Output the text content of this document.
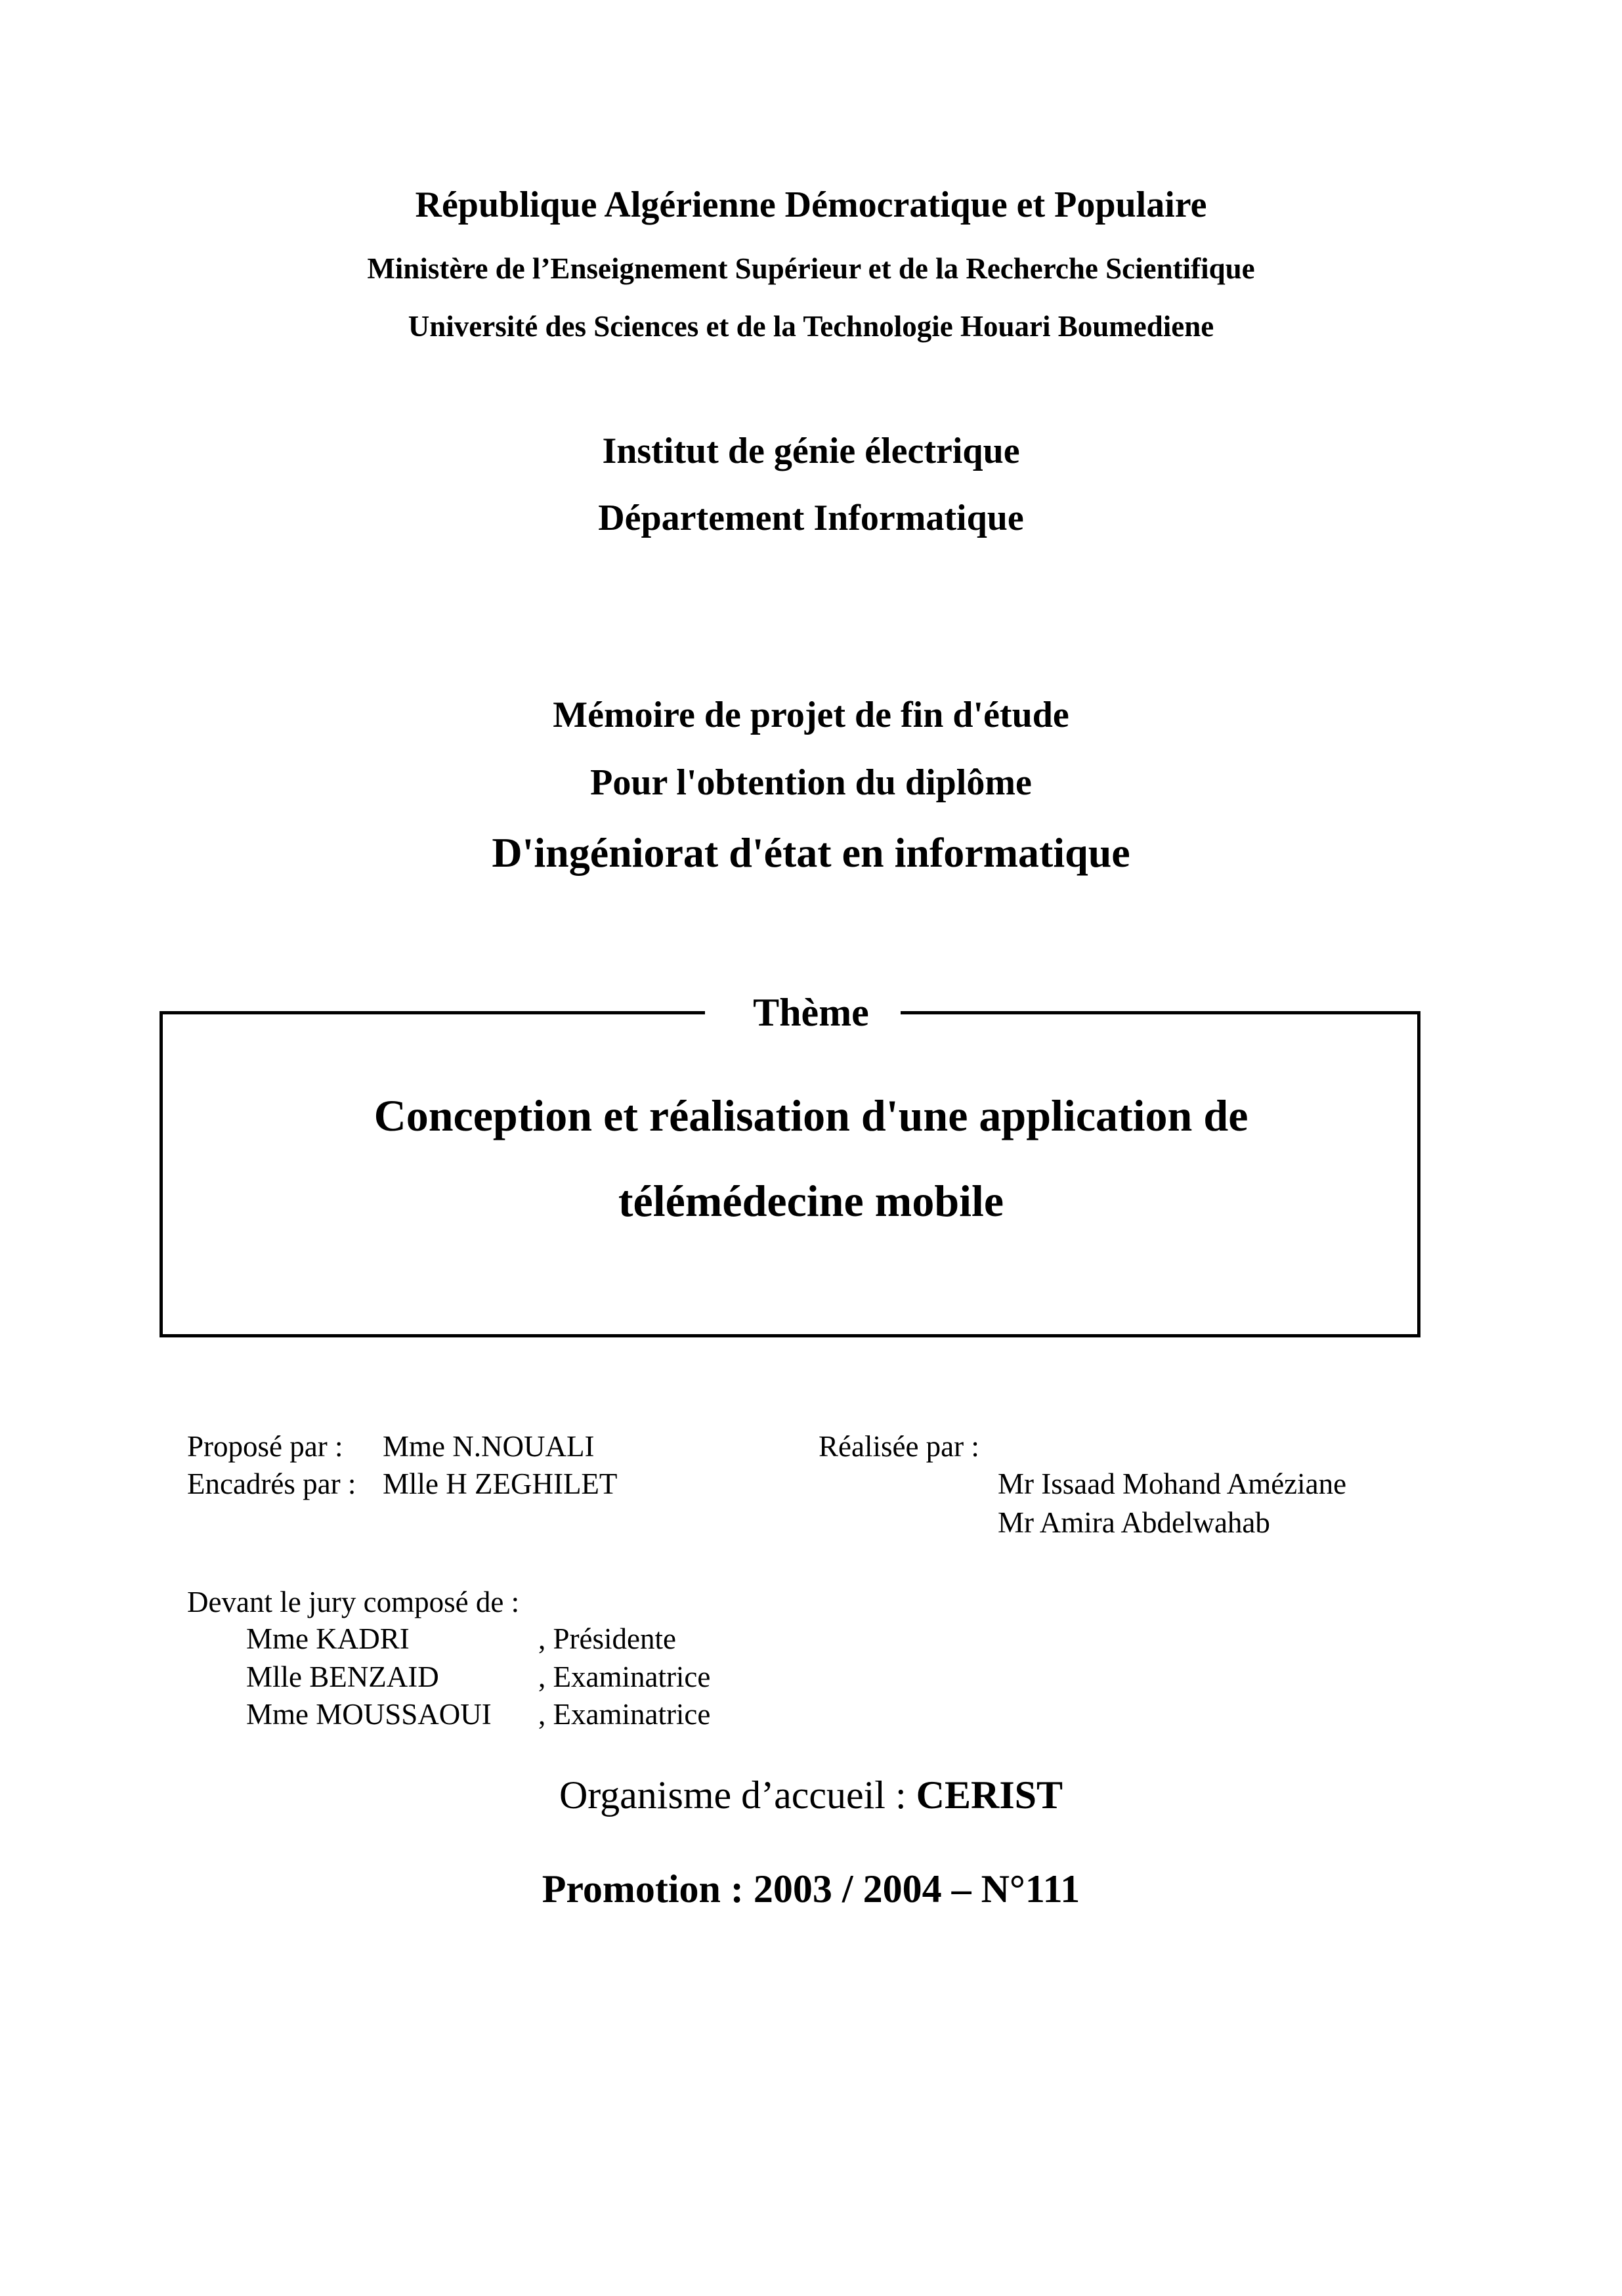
République Algérienne Démocratique et Populaire
Ministère de l’Enseignement Supérieur et de la Recherche Scientifique
Université des Sciences et de la Technologie Houari Boumediene
Institut de génie électrique
Département Informatique
Mémoire de projet de fin d'étude
Pour l'obtention du diplôme
D'ingéniorat d'état en informatique
Thème
Conception et réalisation d'une application de
télémédecine mobile
Proposé par : Mme N.NOUALI
Encadrés par : Mlle H ZEGHILET
Réalisée par :
Mr Issaad Mohand Améziane
Mr Amira Abdelwahab
Devant le jury composé de :
Mme KADRI	, Présidente
Mlle BENZAID	, Examinatrice
Mme MOUSSAOUI , Examinatrice
Organisme d’accueil : CERIST
Promotion : 2003 / 2004 – N°111
